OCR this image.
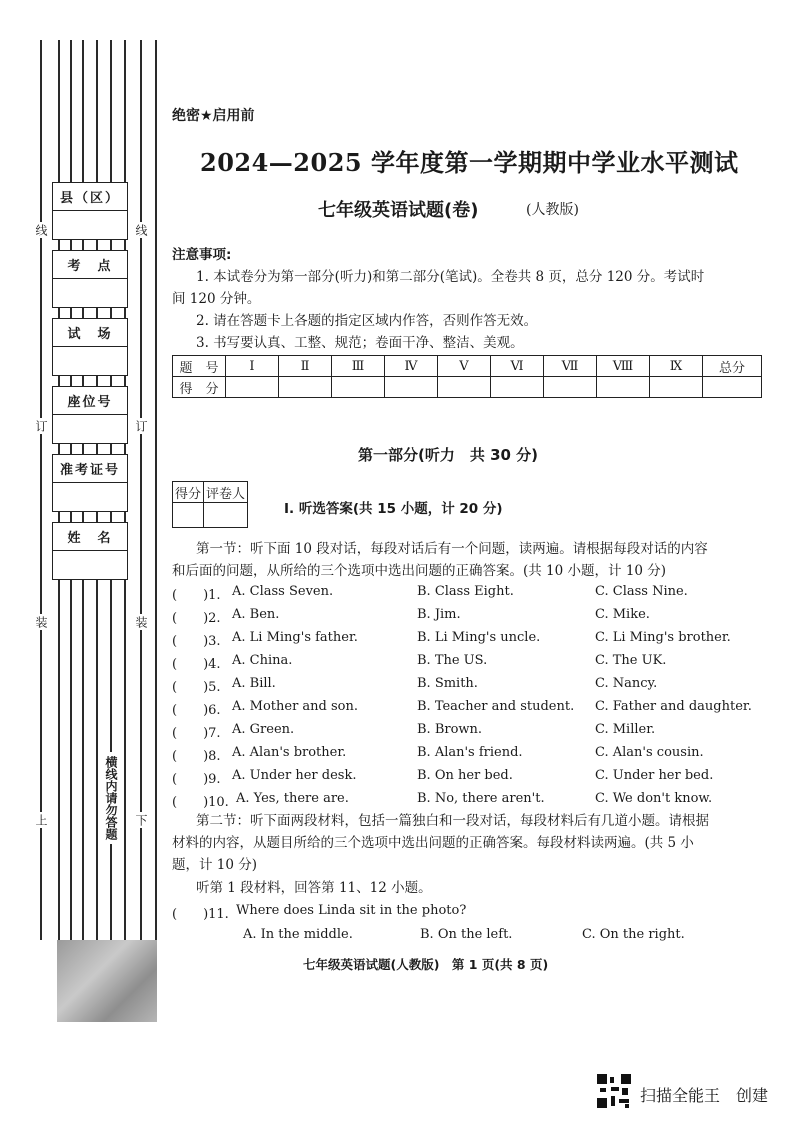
县（区）
考　点
试　场
座位号
准考证号
姓　名
线	线
订	订
装	装
上	下
横线内请勿答题
绝密★启用前
2024—2025 学年度第一学期期中学业水平测试
七年级英语试题(卷)	(人教版)
注意事项:
1. 本试卷分为第一部分(听力)和第二部分(笔试)。全卷共 8 页，总分 120 分。考试时
间 120 分钟。
2. 请在答题卡上各题的指定区域内作答，否则作答无效。
3. 书写要认真、工整、规范；卷面干净、整洁、美观。
题　号	Ⅰ	Ⅱ	Ⅲ	Ⅳ	Ⅴ	Ⅵ	Ⅶ	Ⅷ	Ⅸ	总分
得　分										
第一部分(听力　共 30 分)
得分	评卷人

Ⅰ. 听选答案(共 15 小题，计 20 分)
第一节：听下面 10 段对话，每段对话后有一个问题，读两遍。请根据每段对话的内容
和后面的问题，从所给的三个选项中选出问题的正确答案。(共 10 小题，计 10 分)
(　　)1. A. Class Seven.	B. Class Eight.	C. Class Nine.
(　　)2. A. Ben.	B. Jim.	C. Mike.
(　　)3. A. Li Ming's father.	B. Li Ming's uncle.	C. Li Ming's brother.
(　　)4. A. China.	B. The US.	C. The UK.
(　　)5. A. Bill.	B. Smith.	C. Nancy.
(　　)6. A. Mother and son.	B. Teacher and student. C. Father and daughter.
(　　)7. A. Green.	B. Brown.	C. Miller.
(　　)8. A. Alan's brother.	B. Alan's friend.	C. Alan's cousin.
(　　)9. A. Under her desk.	B. On her bed.	C. Under her bed.
(　　)10. A. Yes, there are.	B. No, there aren't.	C. We don't know.
第二节：听下面两段材料，包括一篇独白和一段对话，每段材料后有几道小题。请根据
材料的内容，从题目所给的三个选项中选出问题的正确答案。每段材料读两遍。(共 5 小
题，计 10 分)
听第 1 段材料，回答第 11、12 小题。
(　　)11. Where does Linda sit in the photo?
A. In the middle.	B. On the left.	C. On the right.
七年级英语试题(人教版)　第 1 页(共 8 页)
扫描全能王　创建
